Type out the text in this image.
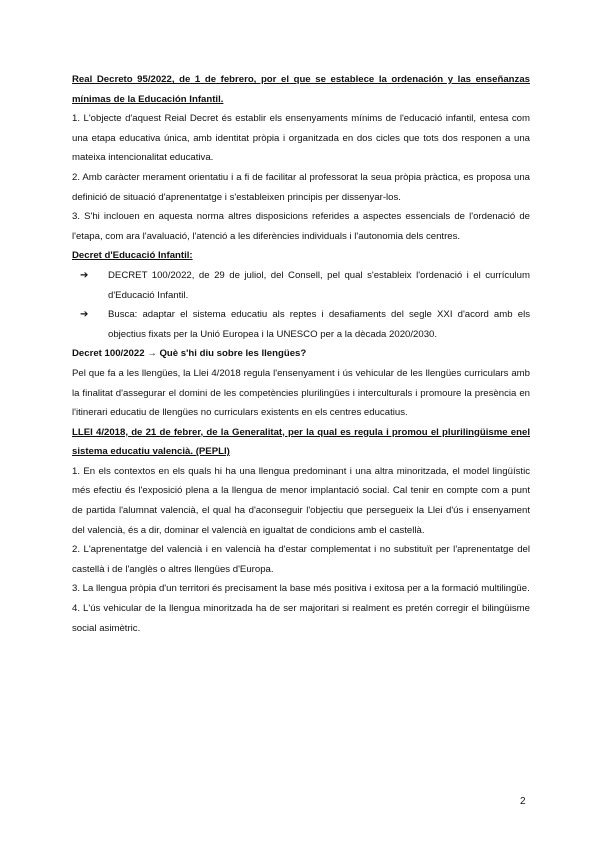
Real Decreto 95/2022, de 1 de febrero, por el que se establece la ordenación y las enseñanzas mínimas de la Educación Infantil.

1. L'objecte d'aquest Reial Decret és establir els ensenyaments mínims de l'educació infantil, entesa com una etapa educativa única, amb identitat pròpia i organitzada en dos cicles que tots dos responen a una mateixa intencionalitat educativa.

2. Amb caràcter merament orientatiu i a fi de facilitar al professorat la seua pròpia pràctica, es proposa una definició de situació d'aprenentatge i s'estableixen principis per dissenyar-los.

3. S'hi inclouen en aquesta norma altres disposicions referides a aspectes essencials de l'ordenació de l'etapa, com ara l'avaluació, l'atenció a les diferències individuals i l'autonomia dels centres.

Decret d'Educació Infantil:

➔ DECRET 100/2022, de 29 de juliol, del Consell, pel qual s'estableix l'ordenació i el currículum d'Educació Infantil.

➔ Busca: adaptar el sistema educatiu als reptes i desafiaments del segle XXI d'acord amb els objectius fixats per la Unió Europea i la UNESCO per a la dècada 2020/2030.

Decret 100/2022 → Què s'hi diu sobre les llengües?

Pel que fa a les llengües, la Llei 4/2018 regula l'ensenyament i ús vehicular de les llengües curriculars amb la finalitat d'assegurar el domini de les competències plurilingües i interculturals i promoure la presència en l'itinerari educatiu de llengües no curriculars existents en els centres educatius.

LLEI 4/2018, de 21 de febrer, de la Generalitat, per la qual es regula i promou el plurilingüisme enel sistema educatiu valencià. (PEPLI)

1. En els contextos en els quals hi ha una llengua predominant i una altra minoritzada, el model lingüístic més efectiu és l'exposició plena a la llengua de menor implantació social. Cal tenir en compte com a punt de partida l'alumnat valencià, el qual ha d'aconseguir l'objectiu que persegueix la Llei d'ús i ensenyament del valencià, és a dir, dominar el valencià en igualtat de condicions amb el castellà.

2. L'aprenentatge del valencià i en valencià ha d'estar complementat i no substituït per l'aprenentatge del castellà i de l'anglès o altres llengües d'Europa.

3. La llengua pròpia d'un territori és precisament la base més positiva i exitosa per a la formació multilingüe.

4. L'ús vehicular de la llengua minoritzada ha de ser majoritari si realment es pretén corregir el bilingüisme social asimètric.

2
